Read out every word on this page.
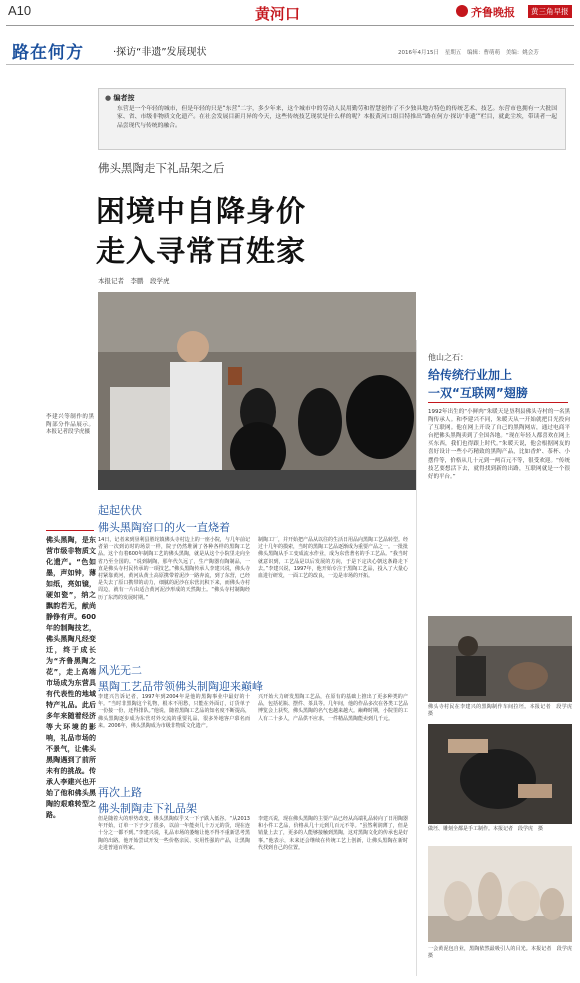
A10	黄河口	齐鲁晚报	黄三角早报
路在何方	·探访“非遗”发展现状	2016年4月15日 星期五 编辑：曹萌萌 美编：姚会芳
● 编者按
东营是一个年轻的城市，但是年轻的只是“东营”二字，多少年来，这个城市中的劳动人民用勤劳和智慧创作了不少独具地方特色的传统艺术、技艺。东营市也拥有一大批国家、省、市级非物质文化遗产。在社会发展目新月异的今天，这些传统技艺现状是什么样的呢？本报黄河口组目特推出“路在何方·探访‘非遗’”栏目，就此尘埃，带读者一起品尝现代与传统的融合。
佛头黑陶走下礼品架之后
困境中自降身价
走入寻常百姓家
本报记者　李鹏　段学虎
李建兴等制作的黑陶部分作品展示。本报记者段学虎摄
佛头黑陶，是东营市级非物质文化遗产。“色如墨，声如钟，薄如纸，亮如镜，硬如瓷”，纳之飘韵若无，献尚静铮有声。600年的制陶技艺，佛头黑陶凡经变迁，终于成长为“齐鲁黑陶之花”，走上高端市场成为东营具有代表性的地域特产礼品。此后多年来随着经济等大环境的影响，礼品市场的不景气，让佛头黑陶遇到了前所未有的挑战。传承人李建兴也开始了他和佛头黑陶的艰难转型之路。
起起伏伏
佛头黑陶窑口的火一直烧着
14日，记者来到垦利县胜坨镇佛头寺村边上的一座小院，与几年前记者第一次到访时的场景一样，院子仍然堆满了各种各样的黑陶工艺品。这个有着600年制陶工艺的佛头黑陶，就是从这个小院里走向全省乃至全国的。“说到制陶，那年代久远了，生产陶器有陶制品，一直是佛头寺村民传承的一项技艺。”佛头黑陶传承人李建兴说，佛头寺村紧靠黄河，黄河从黄土高原携带着泥沙一路奔流，到了东营，已经是失去了原口携带的动力，细腻的泥沙在东营沉积下来，而佛头寺村周边，就有一片由适合黄河泥沙形成的天然陶土。“佛头寺村制陶经历了东湾的发展时期。”
制陶工厂，并开始把产品从以往的生活日用品向黑陶工艺品转型。经过十几年的摸索，当时的黑陶工艺品逐渐成为重要产品之一。一批批佛头黑陶从手工变成流水作业，成为东营著名的手工艺品。“我当时就意识到，工艺品是以后发展的方向，于是下定决心朝这条路走下去。”李建兴说，1997年，他开始专注于黑陶工艺品，投入了大量心血进行研发，一面工艺的改良，一边是市场的开拓。
风光无二
黑陶工艺品带领佛头制陶迎来巅峰
李建兴告诉记者，1997年到2004年是他的黑陶事业中最好的十年。“当时非黑陶这个礼物，根本不用愁，只能在外面订，订货单子一份接一份，还得排队。”他说，随着黑陶工艺品的知名度不断提高，佛头黑陶逐步成为东营对外交流的重要礼品，很多外地客户慕名而来。2006年，佛头黑陶成为市级非物质文化遗产。
兴开始大力研发黑陶工艺品，在原有的基础上推出了更多种类的产品，包括花瓶、摆件、茶具等。几年间，他的作品多次在各类工艺品博览会上获奖，佛头黑陶的名气也越来越大。巅峰时期，小院里的工人有二十多人，产品供不应求，一件精品黑陶能卖到几千元。
再次上路
佛头制陶走下礼品架
但是随着大的形势改变，佛头黑陶似乎又一下子跌入低谷。“从2013年开始，订单一下子少了很多，以前一年能卖几十万元的货，现在连十分之一都不到。”李建兴说，礼品市场的萎缩让他不得不重新思考黑陶的出路。他开始尝试开发一些价格亲民、实用性强的产品，让黑陶走进普通百姓家。
李建兴说，现在佛头黑陶的主要产品已经从高端礼品转向了日用陶器和小件工艺品，价格从几十元到几百元不等。“虽然利润薄了，但是销量上去了，更多的人能够接触到黑陶，这对黑陶文化的传承也是好事。”他表示，未来还会继续在传统工艺上创新，让佛头黑陶在新时代找到自己的位置。
他山之石：
给传统行业加上
一双“互联网”翅膀
1992年出生的“小鲜肉”朱暖天是垦利县佛头寺村的一名黑陶传承人。和李建兴不同，朱暖天从一开始就把目光投向了互联网。他在网上开设了自己的黑陶网店，通过电商平台把佛头黑陶卖到了全国各地。“现在年轻人都喜欢在网上买东西，我们也得跟上时代。”朱暖天说，他会根据网友的喜好设计一些小巧精致的黑陶产品，比如香炉、茶杯、小摆件等，价格从几十元到一两百元不等，很受欢迎。“传统技艺要想活下去，就得找到新的出路，互联网就是一个很好的平台。”
佛头寺村民在李建兴的黑陶制作车间拉坯。本报记者　段学虎　摄
做坯、雕刻全都是手工制作。本报记者　段学虎　摄
一会黄泥包自业，黑陶依然最吸引人的目光。本报记者　段学虎　摄
